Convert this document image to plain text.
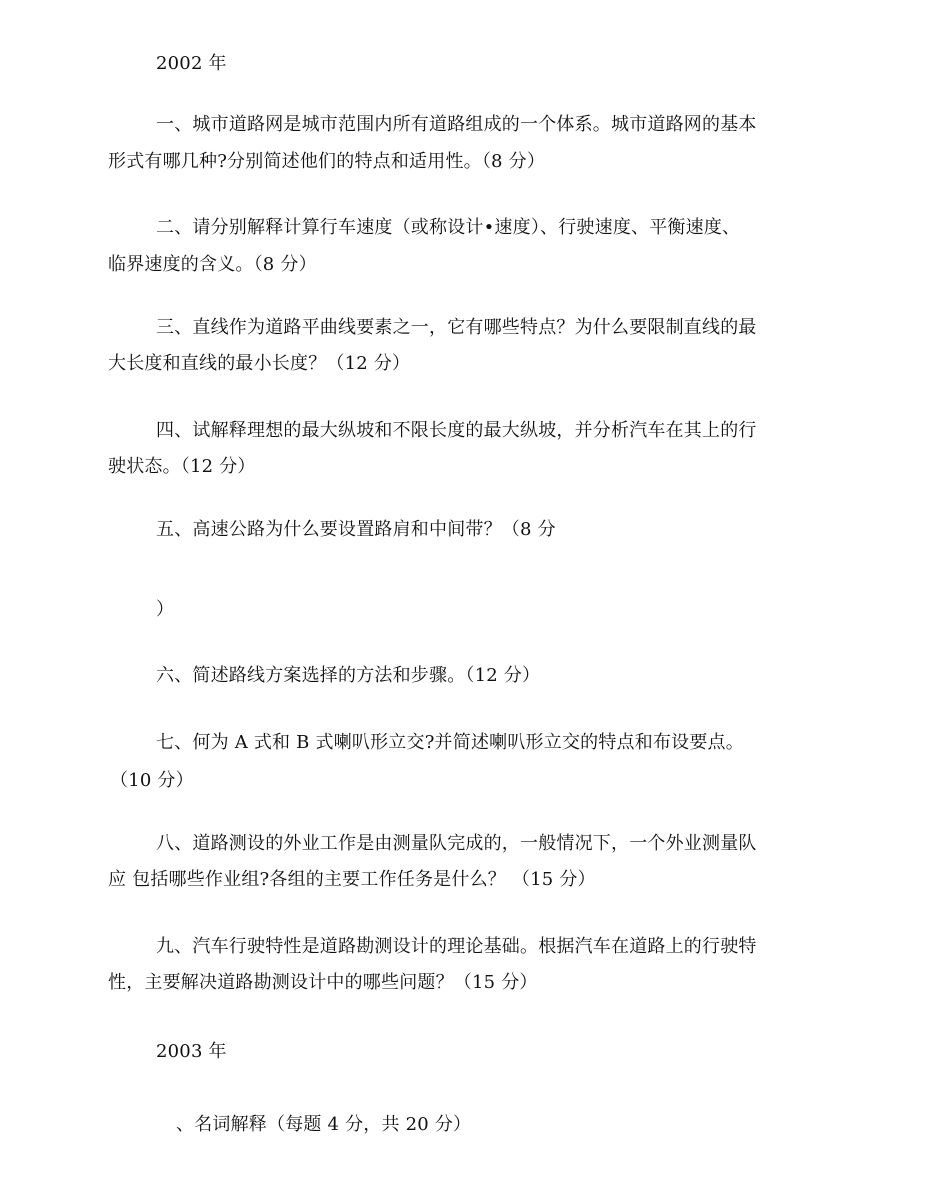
2002 年
一、城市道路网是城市范围内所有道路组成的一个体系。城市道路网的基本
形式有哪几种?分别简述他们的特点和适用性。（8 分）
二、请分别解释计算行车速度（或称设计•速度）、行驶速度、平衡速度、
临界速度的含义。（8 分）
三、直线作为道路平曲线要素之一，它有哪些特点？为什么要限制直线的最
大长度和直线的最小长度？（12 分）
四、试解释理想的最大纵坡和不限长度的最大纵坡，并分析汽车在其上的行
驶状态。（12 分）
五、高速公路为什么要设置路肩和中间带？（8 分
）
六、简述路线方案选择的方法和步骤。（12 分）
七、何为 A 式和 B 式喇叭形立交?并简述喇叭形立交的特点和布设要点。
（10 分）
八、道路测设的外业工作是由测量队完成的，一般情况下，一个外业测量队
应 包括哪些作业组?各组的主要工作任务是什么？ （15 分）
九、汽车行驶特性是道路勘测设计的理论基础。根据汽车在道路上的行驶特
性，主要解决道路勘测设计中的哪些问题？（15 分）
2003 年
、名词解释（每题 4 分，共 20 分）
